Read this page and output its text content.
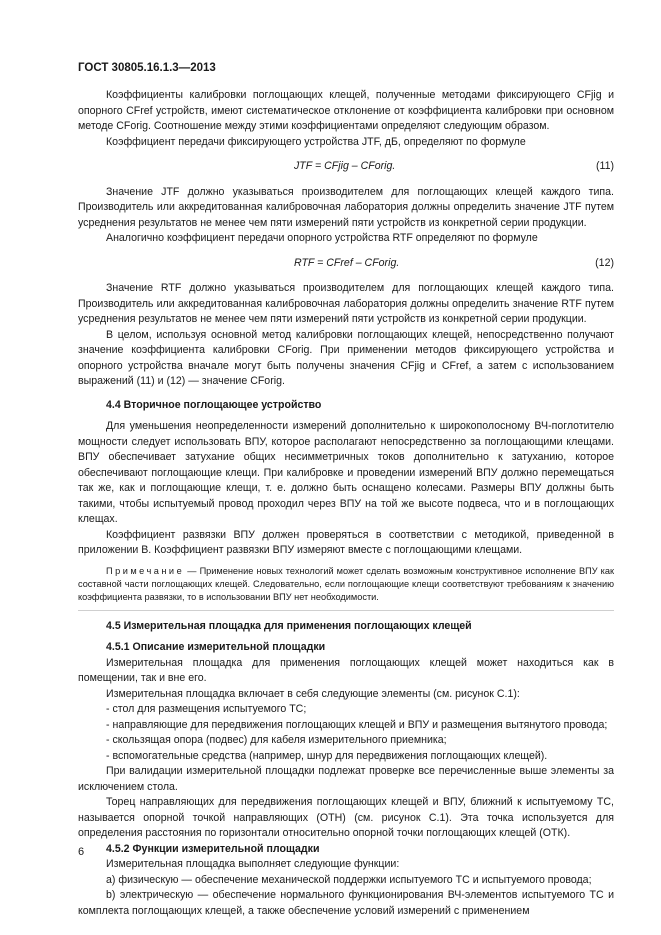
ГОСТ 30805.16.1.3—2013

Коэффициенты калибровки поглощающих клещей, полученные методами фиксирующего CFjig и опорного CFref устройств, имеют систематическое отклонение от коэффициента калибровки при основном методе CForig. Соотношение между этими коэффициентами определяют следующим образом.

Коэффициент передачи фиксирующего устройства JTF, дБ, определяют по формуле

JTF = CFjig – CForig.	(11)

Значение JTF должно указываться производителем для поглощающих клещей каждого типа. Производитель или аккредитованная калибровочная лаборатория должны определить значение JTF путем усреднения результатов не менее чем пяти измерений пяти устройств из конкретной серии продукции.

Аналогично коэффициент передачи опорного устройства RTF определяют по формуле

RTF = CFref – CForig.	(12)

Значение RTF должно указываться производителем для поглощающих клещей каждого типа. Производитель или аккредитованная калибровочная лаборатория должны определить значение RTF путем усреднения результатов не менее чем пяти измерений пяти устройств из конкретной серии продукции.

В целом, используя основной метод калибровки поглощающих клещей, непосредственно получают значение коэффициента калибровки CForig. При применении методов фиксирующего устройства и опорного устройства вначале могут быть получены значения CFjig и CFref, а затем с использованием выражений (11) и (12) — значение CForig.

4.4 Вторичное поглощающее устройство

Для уменьшения неопределенности измерений дополнительно к широкополосному ВЧ-поглотителю мощности следует использовать ВПУ, которое располагают непосредственно за поглощающими клещами. ВПУ обеспечивает затухание общих несимметричных токов дополнительно к затуханию, которое обеспечивают поглощающие клещи. При калибровке и проведении измерений ВПУ должно перемещаться так же, как и поглощающие клещи, т. е. должно быть оснащено колесами. Размеры ВПУ должны быть такими, чтобы испытуемый провод проходил через ВПУ на той же высоте подвеса, что и в поглощающих клещах.

Коэффициент развязки ВПУ должен проверяться в соответствии с методикой, приведенной в приложении В. Коэффициент развязки ВПУ измеряют вместе с поглощающими клещами.

Примечание — Применение новых технологий может сделать возможным конструктивное исполнение ВПУ как составной части поглощающих клещей. Следовательно, если поглощающие клещи соответствуют требованиям к значению коэффициента развязки, то в использовании ВПУ нет необходимости.

4.5 Измерительная площадка для применения поглощающих клещей

4.5.1 Описание измерительной площадки

Измерительная площадка для применения поглощающих клещей может находиться как в помещении, так и вне его.

Измерительная площадка включает в себя следующие элементы (см. рисунок С.1):

- стол для размещения испытуемого ТС;

- направляющие для передвижения поглощающих клещей и ВПУ и размещения вытянутого провода;

- скользящая опора (подвес) для кабеля измерительного приемника;

- вспомогательные средства (например, шнур для передвижения поглощающих клещей).

При валидации измерительной площадки подлежат проверке все перечисленные выше элементы за исключением стола.

Торец направляющих для передвижения поглощающих клещей и ВПУ, ближний к испытуемому ТС, называется опорной точкой направляющих (ОТН) (см. рисунок С.1). Эта точка используется для определения расстояния по горизонтали относительно опорной точки поглощающих клещей (ОТК).

4.5.2 Функции измерительной площадки

Измерительная площадка выполняет следующие функции:

а) физическую — обеспечение механической поддержки испытуемого ТС и испытуемого провода;

b) электрическую — обеспечение нормального функционирования ВЧ-элементов испытуемого ТС и комплекта поглощающих клещей, а также обеспечение условий измерений с применением

6
